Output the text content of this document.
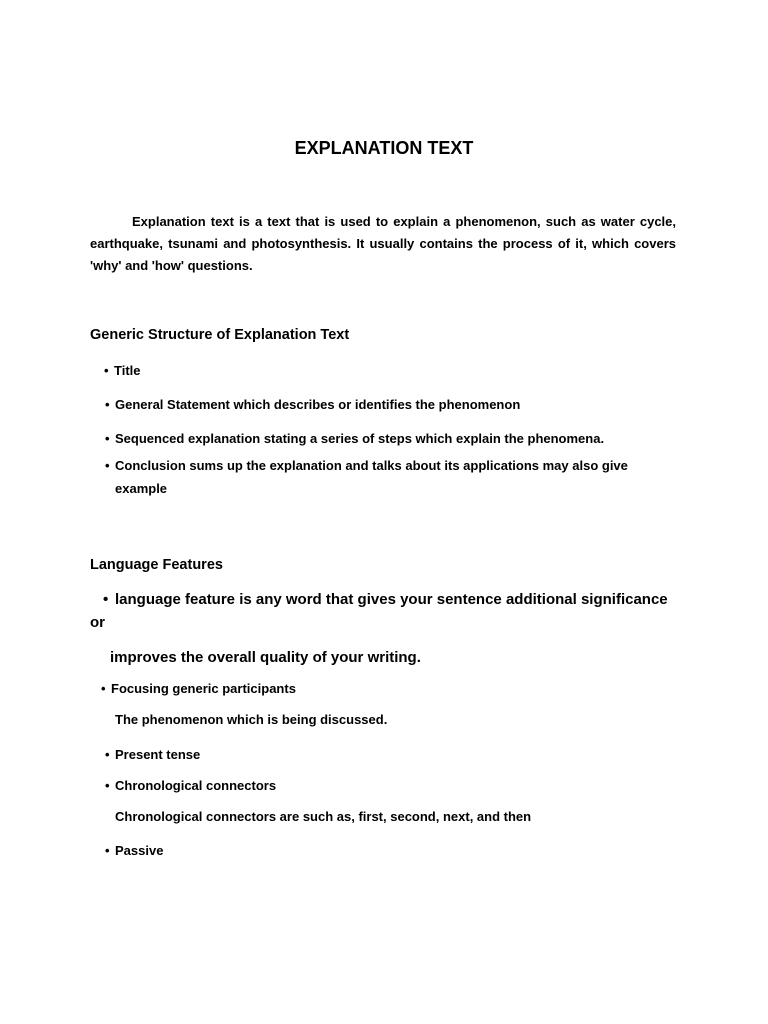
EXPLANATION TEXT
Explanation text is a text that is used to explain a phenomenon, such as water cycle, earthquake, tsunami and photosynthesis. It usually contains the process of it, which covers 'why' and 'how' questions.
Generic Structure of Explanation Text
• Title
• General Statement which describes or identifies the phenomenon
• Sequenced explanation stating a series of steps which explain the phenomena.
• Conclusion sums up the explanation and talks about its applications may also give
example
Language Features
• language feature is any word that gives your sentence additional significance
or
improves the overall quality of your writing.
• Focusing generic participants
The phenomenon which is being discussed.
• Present tense
• Chronological connectors
Chronological connectors are such as, first, second, next, and then
• Passive
